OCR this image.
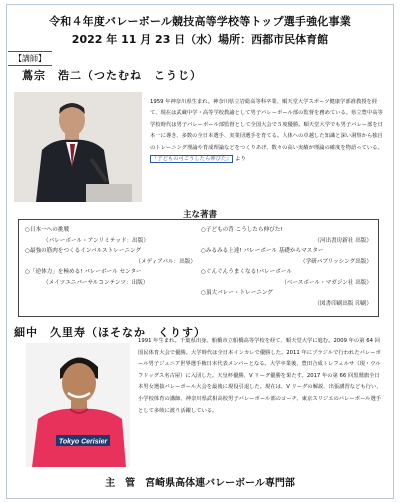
令和４年度バレーボール競技高等学校等トップ選手強化事業
2022 年 11 月 23 日（水）場所：西都市民体育館
【講師】
蔦宗　浩二（つたむね　こうじ）
1959 年神奈川県生まれ。神奈川県立岩総高等科卒業、順天堂大学スポーツ健康学部准教授を経て、現在は武蔵中学・高等学校教諭として男子バレーボール部の監督を務めている。県立豊中高等学校時代は男子バレーボール部監督として全国大会で５度優勝。順天堂大学でも男子バレー部を日本一に導き、多数の全日本選手、実業団選手を育てる。人体への卓越した知識と深い洞察から独自のトレーニング理論や育成理論などをつくりあげ、数々の高い実績が理論の確度を物語っている。 『子どもの可ごうしたら伸びた』 より
主な著書
○日本一への挑戦
（バレーボール・アンリミテッド：出版）
○最強の筋肉をつくるインパルストレーニング
（メディアパル：出版）
○「逆体力」を極める! バレーボール センター
（メイツユニバーサルコンテンツ：出版）
○子どもの背 こうしたら伸びた!
（河出書房新社 出版）
○みるみる上達! バレーボール 基礎からマスター
（学研パブリッシング出版）
○ぐんぐんうまくなる!バレーボール
（ベースボール・マガジン社 出版）
○頂大バレー・トレーニング
（図書印刷出版 印刷）
細中　久里寿（ほそなか　くりす）
1991 年生まれ。千葉県出身。船橋市立船橋高等学校を経て、順天堂大学に進む。2009 年の第 64 回国民体育大会で優勝。大学時代は全日本インカレで優勝した。2011 年にブラジルで行われたバレーボール男子ジュニア世界選手権日本代表メンバーとなる。大学卒業後、豊田合成トレフェルサ（現・ウルフドッグス名古屋）に入団した。天皇杯優勝、V リーグ優勝を果たす。2017 年の第 66 回黒鷲旗全日本男女選抜バレーボール大会を最後に現役引退した。現在は、V リーグの解説、出張講習なども行い、小学校体育の講師、神奈川県武相高校男子バレーボール部のコーチ、東京スリジエのバレーボール選手として多岐に渡り活躍している。
Tokyo Cerisier
主　管　宮崎県高体連バレーボール専門部
